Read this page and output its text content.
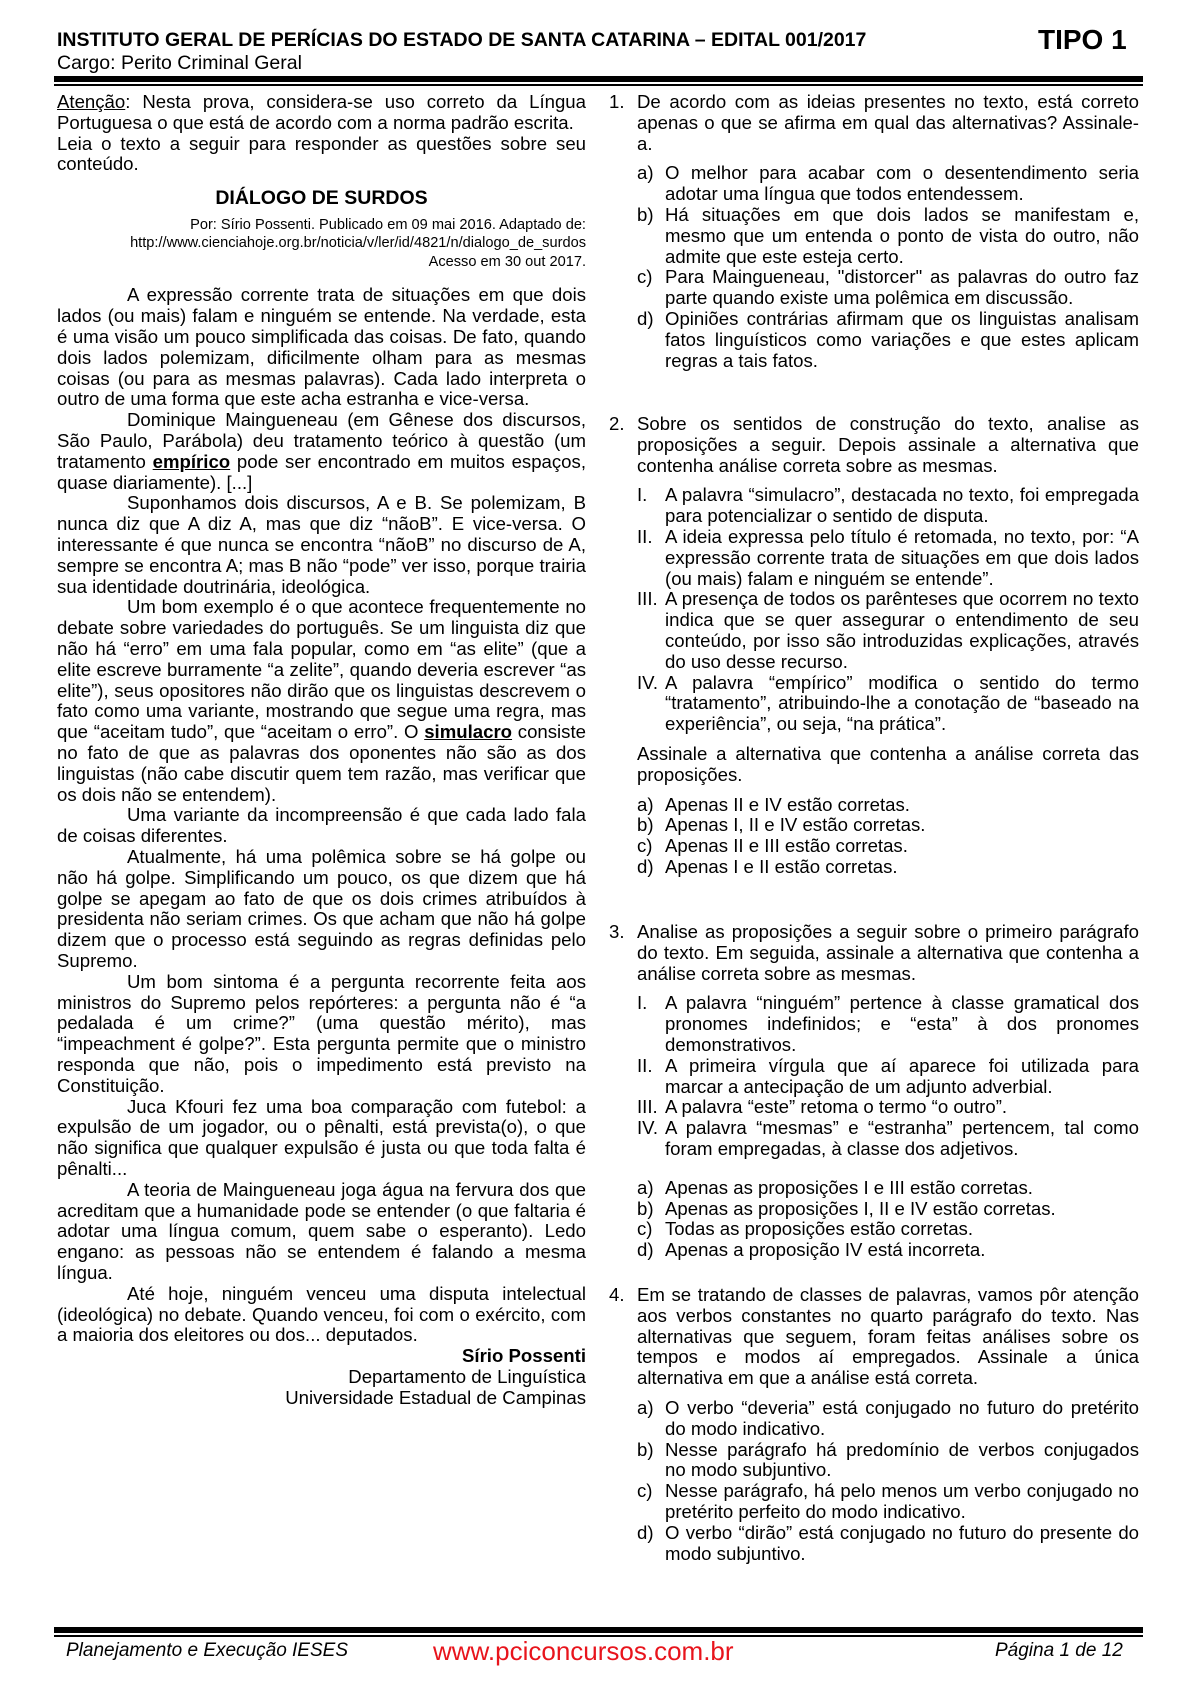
INSTITUTO GERAL DE PERÍCIAS DO ESTADO DE SANTA CATARINA – EDITAL 001/2017	TIPO 1
Cargo: Perito Criminal Geral

Atenção: Nesta prova, considera-se uso correto da Língua Portuguesa o que está de acordo com a norma padrão escrita.

Leia o texto a seguir para responder as questões sobre seu conteúdo.

DIÁLOGO DE SURDOS
Por: Sírio Possenti. Publicado em 09 mai 2016. Adaptado de:
http://www.cienciahoje.org.br/noticia/v/ler/id/4821/n/dialogo_de_surdos
Acesso em 30 out 2017.

A expressão corrente trata de situações em que dois lados (ou mais) falam e ninguém se entende. Na verdade, esta é uma visão um pouco simplificada das coisas. De fato, quando dois lados polemizam, dificilmente olham para as mesmas coisas (ou para as mesmas palavras). Cada lado interpreta o outro de uma forma que este acha estranha e vice-versa.

Dominique Maingueneau (em Gênese dos discursos, São Paulo, Parábola) deu tratamento teórico à questão (um tratamento empírico pode ser encontrado em muitos espaços, quase diariamente). [...]

Suponhamos dois discursos, A e B. Se polemizam, B nunca diz que A diz A, mas que diz “nãoB”. E vice-versa. O interessante é que nunca se encontra “nãoB” no discurso de A, sempre se encontra A; mas B não “pode” ver isso, porque trairia sua identidade doutrinária, ideológica.

Um bom exemplo é o que acontece frequentemente no debate sobre variedades do português. Se um linguista diz que não há “erro” em uma fala popular, como em “as elite” (que a elite escreve burramente “a zelite”, quando deveria escrever “as elite”), seus opositores não dirão que os linguistas descrevem o fato como uma variante, mostrando que segue uma regra, mas que “aceitam tudo”, que “aceitam o erro”. O simulacro consiste no fato de que as palavras dos oponentes não são as dos linguistas (não cabe discutir quem tem razão, mas verificar que os dois não se entendem).

Uma variante da incompreensão é que cada lado fala de coisas diferentes.

Atualmente, há uma polêmica sobre se há golpe ou não há golpe. Simplificando um pouco, os que dizem que há golpe se apegam ao fato de que os dois crimes atribuídos à presidenta não seriam crimes. Os que acham que não há golpe dizem que o processo está seguindo as regras definidas pelo Supremo.

Um bom sintoma é a pergunta recorrente feita aos ministros do Supremo pelos repórteres: a pergunta não é “a pedalada é um crime?” (uma questão mérito), mas “impeachment é golpe?”. Esta pergunta permite que o ministro responda que não, pois o impedimento está previsto na Constituição.

Juca Kfouri fez uma boa comparação com futebol: a expulsão de um jogador, ou o pênalti, está prevista(o), o que não significa que qualquer expulsão é justa ou que toda falta é pênalti...

A teoria de Maingueneau joga água na fervura dos que acreditam que a humanidade pode se entender (o que faltaria é adotar uma língua comum, quem sabe o esperanto). Ledo engano: as pessoas não se entendem é falando a mesma língua.

Até hoje, ninguém venceu uma disputa intelectual (ideológica) no debate. Quando venceu, foi com o exército, com a maioria dos eleitores ou dos... deputados.

Sírio Possenti
Departamento de Linguística
Universidade Estadual de Campinas
1. De acordo com as ideias presentes no texto, está correto apenas o que se afirma em qual das alternativas? Assinale-a.

a) O melhor para acabar com o desentendimento seria adotar uma língua que todos entendessem.
b) Há situações em que dois lados se manifestam e, mesmo que um entenda o ponto de vista do outro, não admite que este esteja certo.
c) Para Maingueneau, "distorcer" as palavras do outro faz parte quando existe uma polêmica em discussão.
d) Opiniões contrárias afirmam que os linguistas analisam fatos linguísticos como variações e que estes aplicam regras a tais fatos.
2. Sobre os sentidos de construção do texto, analise as proposições a seguir. Depois assinale a alternativa que contenha análise correta sobre as mesmas.

I. A palavra “simulacro”, destacada no texto, foi empregada para potencializar o sentido de disputa.
II. A ideia expressa pelo título é retomada, no texto, por: “A expressão corrente trata de situações em que dois lados (ou mais) falam e ninguém se entende”.
III. A presença de todos os parênteses que ocorrem no texto indica que se quer assegurar o entendimento de seu conteúdo, por isso são introduzidas explicações, através do uso desse recurso.
IV. A palavra “empírico” modifica o sentido do termo “tratamento”, atribuindo-lhe a conotação de “baseado na experiência”, ou seja, “na prática”.

Assinale a alternativa que contenha a análise correta das proposições.

a) Apenas II e IV estão corretas.
b) Apenas I, II e IV estão corretas.
c) Apenas II e III estão corretas.
d) Apenas I e II estão corretas.
3. Analise as proposições a seguir sobre o primeiro parágrafo do texto. Em seguida, assinale a alternativa que contenha a análise correta sobre as mesmas.

I. A palavra “ninguém” pertence à classe gramatical dos pronomes indefinidos; e “esta” à dos pronomes demonstrativos.
II. A primeira vírgula que aí aparece foi utilizada para marcar a antecipação de um adjunto adverbial.
III. A palavra “este” retoma o termo “o outro”.
IV. A palavra “mesmas” e “estranha” pertencem, tal como foram empregadas, à classe dos adjetivos.
a) Apenas as proposições I e III estão corretas.
b) Apenas as proposições I, II e IV estão corretas.
c) Todas as proposições estão corretas.
d) Apenas a proposição IV está incorreta.
4. Em se tratando de classes de palavras, vamos pôr atenção aos verbos constantes no quarto parágrafo do texto. Nas alternativas que seguem, foram feitas análises sobre os tempos e modos aí empregados. Assinale a única alternativa em que a análise está correta.

a) O verbo “deveria” está conjugado no futuro do pretérito do modo indicativo.
b) Nesse parágrafo há predomínio de verbos conjugados no modo subjuntivo.
c) Nesse parágrafo, há pelo menos um verbo conjugado no pretérito perfeito do modo indicativo.
d) O verbo “dirão” está conjugado no futuro do presente do modo subjuntivo.
Planejamento e Execução IESES	www.pciconcursos.com.br	Página 1 de 12
